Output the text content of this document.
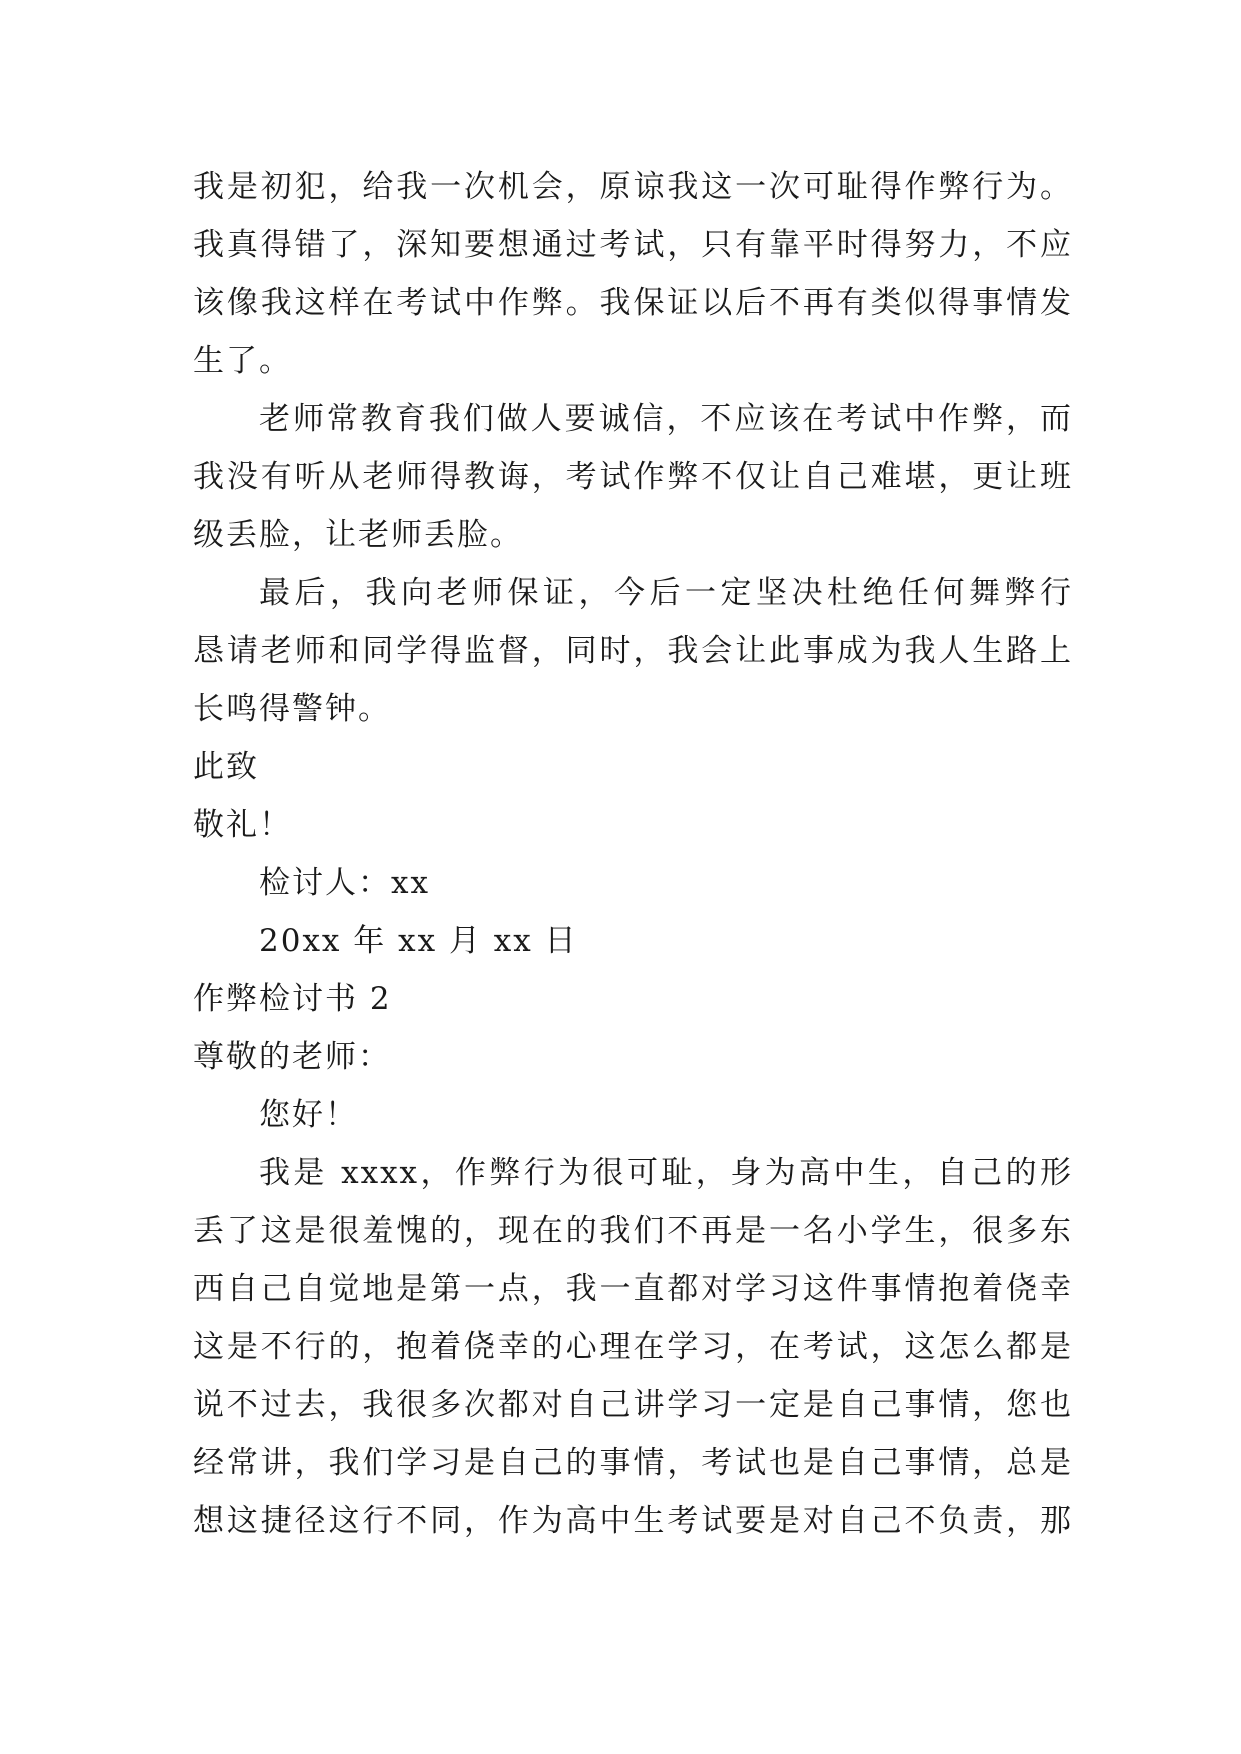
我是初犯，给我一次机会，原谅我这一次可耻得作弊行为。
我真得错了，深知要想通过考试，只有靠平时得努力，不应
该像我这样在考试中作弊。我保证以后不再有类似得事情发
生了。
老师常教育我们做人要诚信，不应该在考试中作弊，而
我没有听从老师得教诲，考试作弊不仅让自己难堪，更让班
级丢脸，让老师丢脸。
最后，我向老师保证，今后一定坚决杜绝任何舞弊行
恳请老师和同学得监督，同时，我会让此事成为我人生路上
长鸣得警钟。
此致
敬礼！
检讨人：xx
20xx 年 xx 月 xx 日
作弊检讨书 2
尊敬的老师：
您好！
我是 xxxx，作弊行为很可耻，身为高中生，自己的形
丢了这是很羞愧的，现在的我们不再是一名小学生，很多东
西自己自觉地是第一点，我一直都对学习这件事情抱着侥幸
这是不行的，抱着侥幸的心理在学习，在考试，这怎么都是
说不过去，我很多次都对自己讲学习一定是自己事情，您也
经常讲，我们学习是自己的事情，考试也是自己事情，总是
想这捷径这行不同，作为高中生考试要是对自己不负责，那
